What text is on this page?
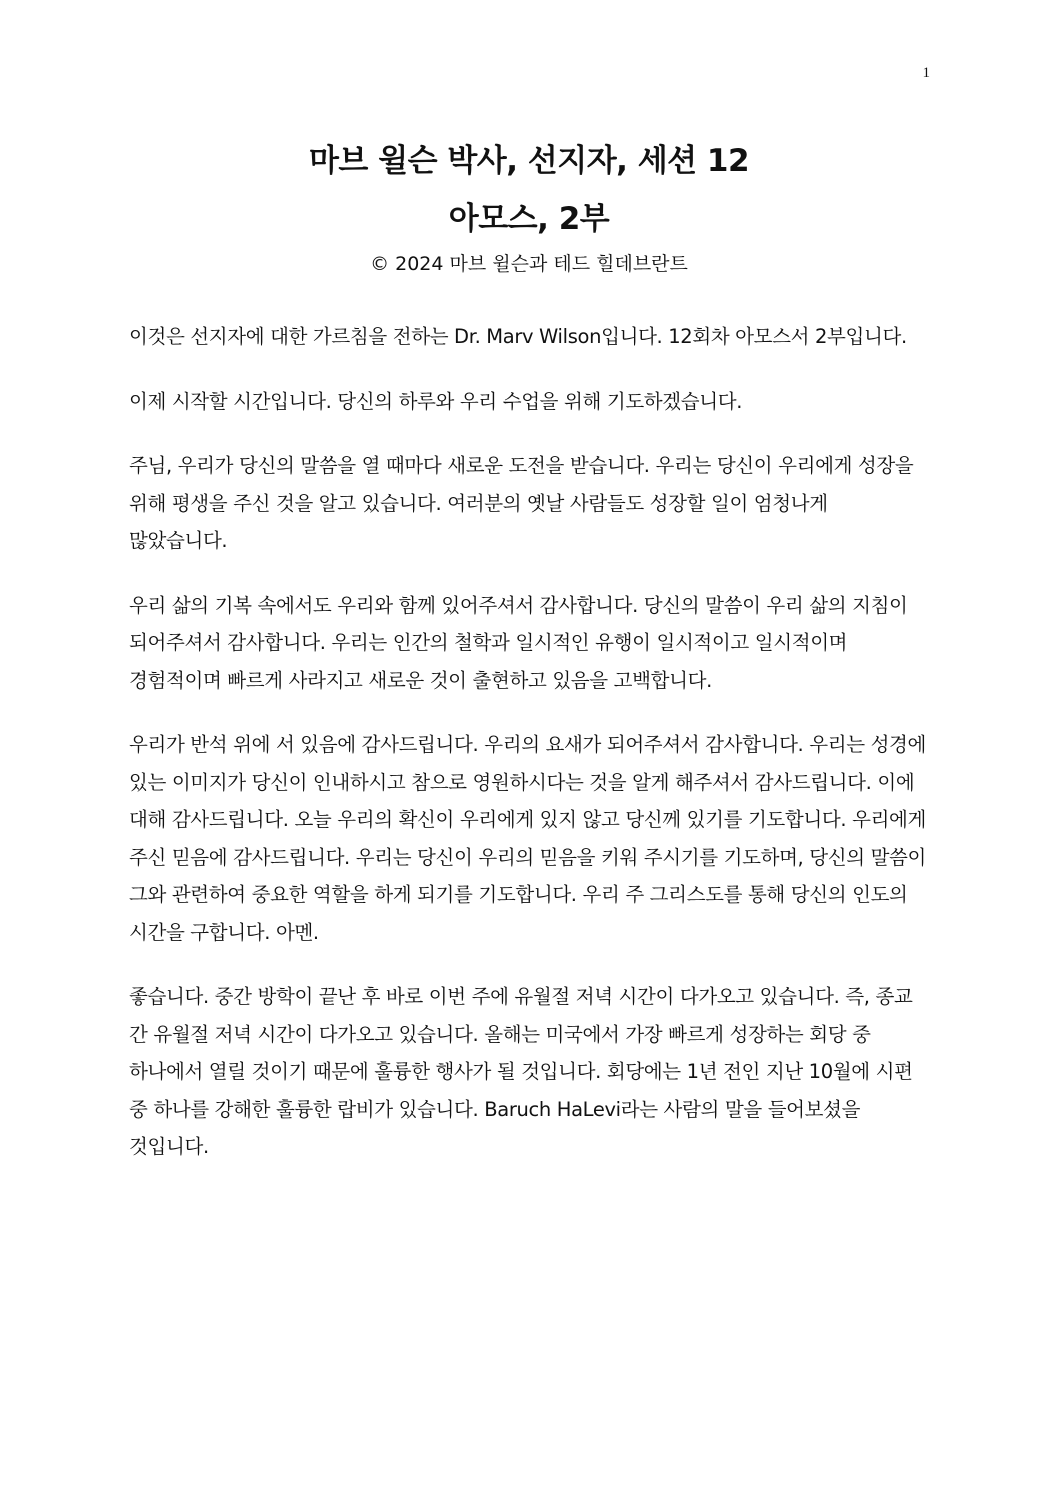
1
마브 윌슨 박사, 선지자, 세션 12
아모스, 2부
© 2024 마브 윌슨과 테드 힐데브란트

이것은 선지자에 대한 가르침을 전하는 Dr. Marv Wilson입니다. 12회차 아모스서 2부입니다.

이제 시작할 시간입니다. 당신의 하루와 우리 수업을 위해 기도하겠습니다.

주님, 우리가 당신의 말씀을 열 때마다 새로운 도전을 받습니다. 우리는 당신이 우리에게 성장을 위해 평생을 주신 것을 알고 있습니다. 여러분의 옛날 사람들도 성장할 일이 엄청나게 많았습니다.

우리 삶의 기복 속에서도 우리와 함께 있어주셔서 감사합니다. 당신의 말씀이 우리 삶의 지침이 되어주셔서 감사합니다. 우리는 인간의 철학과 일시적인 유행이 일시적이고 일시적이며 경험적이며 빠르게 사라지고 새로운 것이 출현하고 있음을 고백합니다.

우리가 반석 위에 서 있음에 감사드립니다. 우리의 요새가 되어주셔서 감사합니다. 우리는 성경에 있는 이미지가 당신이 인내하시고 참으로 영원하시다는 것을 알게 해주셔서 감사드립니다. 이에 대해 감사드립니다. 오늘 우리의 확신이 우리에게 있지 않고 당신께 있기를 기도합니다. 우리에게 주신 믿음에 감사드립니다. 우리는 당신이 우리의 믿음을 키워 주시기를 기도하며, 당신의 말씀이 그와 관련하여 중요한 역할을 하게 되기를 기도합니다. 우리 주 그리스도를 통해 당신의 인도의 시간을 구합니다. 아멘.

좋습니다. 중간 방학이 끝난 후 바로 이번 주에 유월절 저녁 시간이 다가오고 있습니다. 즉, 종교 간 유월절 저녁 시간이 다가오고 있습니다. 올해는 미국에서 가장 빠르게 성장하는 회당 중 하나에서 열릴 것이기 때문에 훌륭한 행사가 될 것입니다. 회당에는 1년 전인 지난 10월에 시편 중 하나를 강해한 훌륭한 랍비가 있습니다. Baruch HaLevi라는 사람의 말을 들어보셨을 것입니다.
